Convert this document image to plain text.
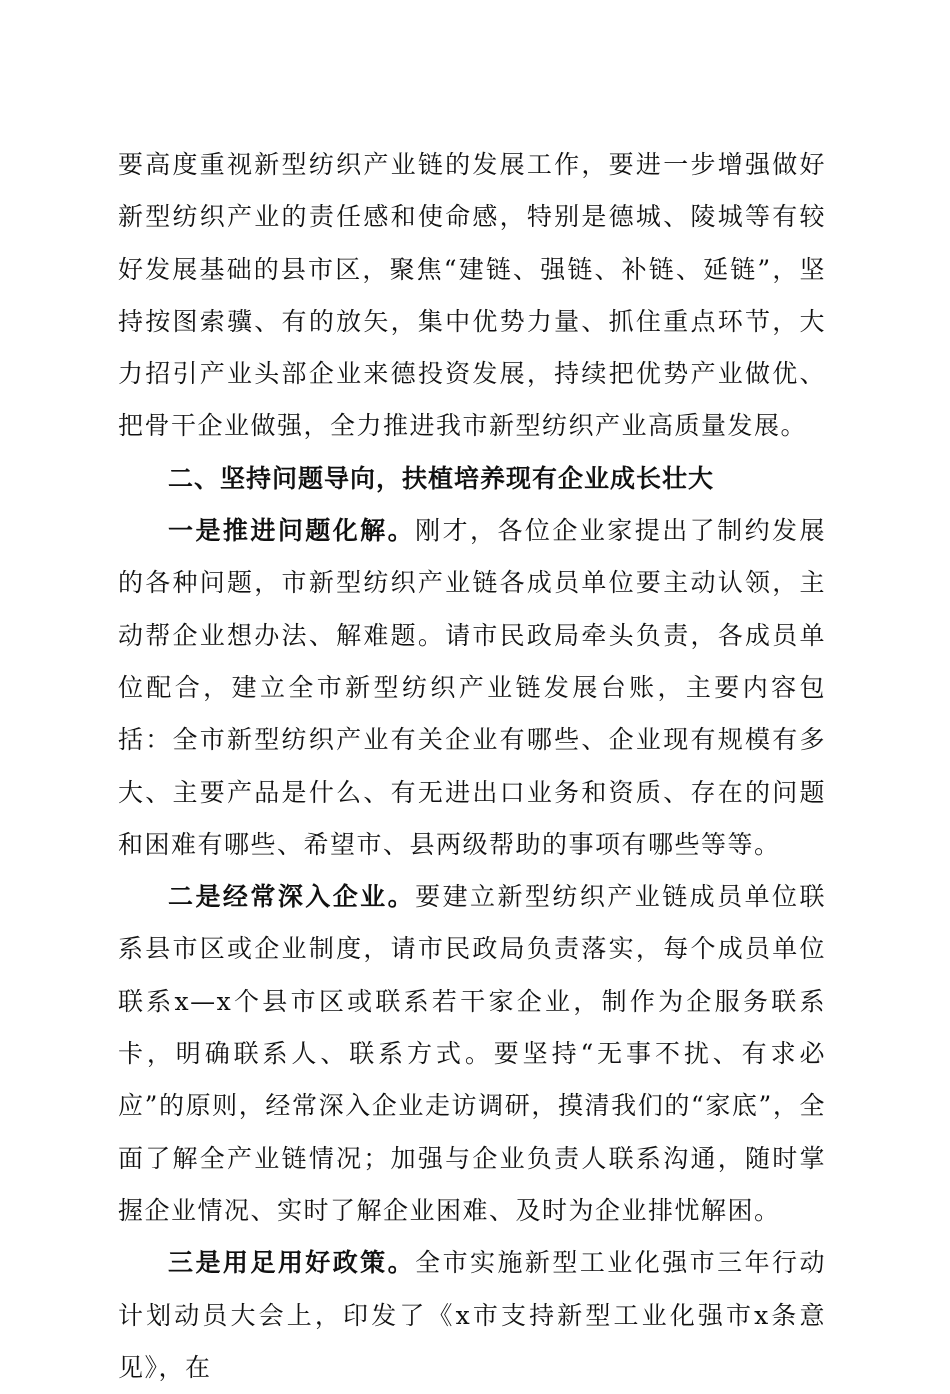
要高度重视新型纺织产业链的发展工作，要进一步增强做好新型纺织产业的责任感和使命感，特别是德城、陵城等有较好发展基础的县市区，聚焦“建链、强链、补链、延链”，坚持按图索骥、有的放矢，集中优势力量、抓住重点环节，大力招引产业头部企业来德投资发展，持续把优势产业做优、把骨干企业做强，全力推进我市新型纺织产业高质量发展。

二、坚持问题导向，扶植培养现有企业成长壮大

一是推进问题化解。刚才，各位企业家提出了制约发展的各种问题，市新型纺织产业链各成员单位要主动认领，主动帮企业想办法、解难题。请市民政局牵头负责，各成员单位配合，建立全市新型纺织产业链发展台账，主要内容包括：全市新型纺织产业有关企业有哪些、企业现有规模有多大、主要产品是什么、有无进出口业务和资质、存在的问题和困难有哪些、希望市、县两级帮助的事项有哪些等等。

二是经常深入企业。要建立新型纺织产业链成员单位联系县市区或企业制度，请市民政局负责落实，每个成员单位联系x—x个县市区或联系若干家企业，制作为企服务联系卡，明确联系人、联系方式。要坚持“无事不扰、有求必应”的原则，经常深入企业走访调研，摸清我们的“家底”，全面了解全产业链情况；加强与企业负责人联系沟通，随时掌握企业情况、实时了解企业困难、及时为企业排忧解困。

三是用足用好政策。全市实施新型工业化强市三年行动计划动员大会上，印发了《x市支持新型工业化强市x条意见》，在
